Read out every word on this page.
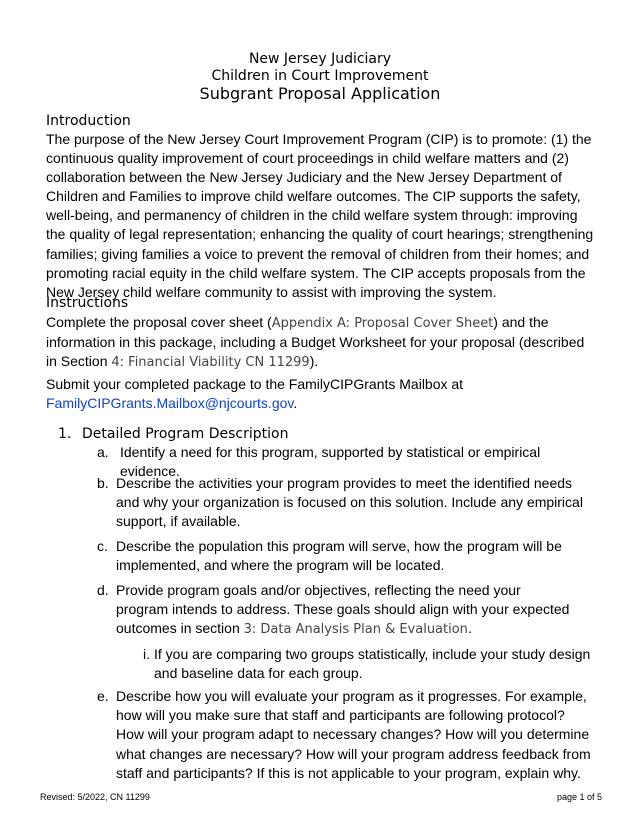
New Jersey Judiciary
Children in Court Improvement
Subgrant Proposal Application
Introduction
The purpose of the New Jersey Court Improvement Program (CIP) is to promote: (1) the continuous quality improvement of court proceedings in child welfare matters and (2) collaboration between the New Jersey Judiciary and the New Jersey Department of Children and Families to improve child welfare outcomes. The CIP supports the safety, well-being, and permanency of children in the child welfare system through: improving the quality of legal representation; enhancing the quality of court hearings; strengthening families; giving families a voice to prevent the removal of children from their homes; and promoting racial equity in the child welfare system. The CIP accepts proposals from the New Jersey child welfare community to assist with improving the system.
Instructions
Complete the proposal cover sheet (Appendix A: Proposal Cover Sheet) and the information in this package, including a Budget Worksheet for your proposal (described in Section 4: Financial Viability CN 11299).
Submit your completed package to the FamilyCIPGrants Mailbox at
FamilyCIPGrants.Mailbox@njcourts.gov.
1. Detailed Program Description
a. Identify a need for this program, supported by statistical or empirical evidence.
b. Describe the activities your program provides to meet the identified needs and why your organization is focused on this solution. Include any empirical support, if available.
c. Describe the population this program will serve, how the program will be implemented, and where the program will be located.
d. Provide program goals and/or objectives, reflecting the need your program intends to address. These goals should align with your expected outcomes in section 3: Data Analysis Plan & Evaluation.
i. If you are comparing two groups statistically, include your study design and baseline data for each group.
e. Describe how you will evaluate your program as it progresses. For example, how will you make sure that staff and participants are following protocol? How will your program adapt to necessary changes? How will you determine what changes are necessary? How will your program address feedback from staff and participants? If this is not applicable to your program, explain why.
Revised: 5/2022, CN 11299	page 1 of 5
